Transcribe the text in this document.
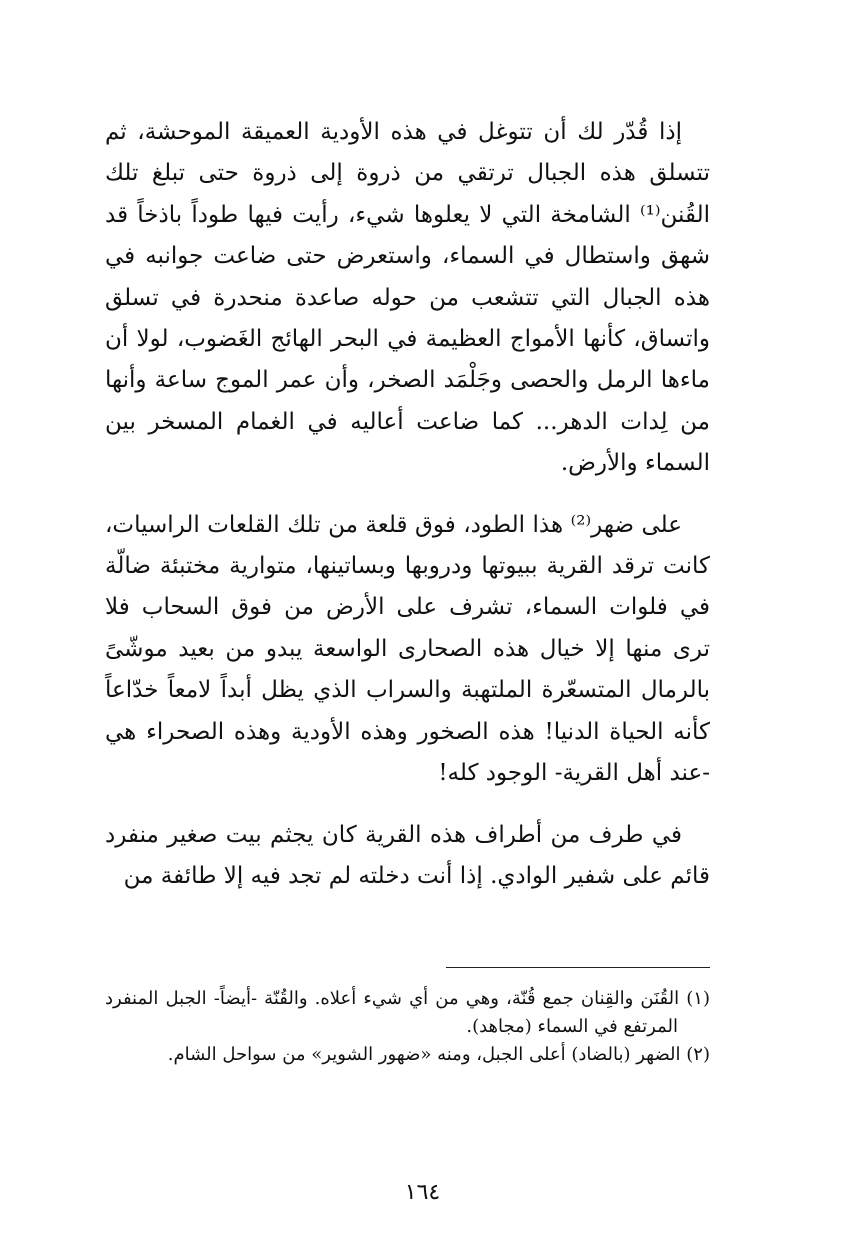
إذا قُدّر لك أن تتوغل في هذه الأودية العميقة الموحشة، ثم تتسلق هذه الجبال ترتقي من ذروة إلى ذروة حتى تبلغ تلك القُنن⁽¹⁾ الشامخة التي لا يعلوها شيء، رأيت فيها طوداً باذخاً قد شهق واستطال في السماء، واستعرض حتى ضاعت جوانبه في هذه الجبال التي تتشعب من حوله صاعدة منحدرة في تسلق واتساق، كأنها الأمواج العظيمة في البحر الهائج الغَضوب، لولا أن ماءها الرمل والحصى وجَلْمَد الصخر، وأن عمر الموج ساعة وأنها من لِدات الدهر... كما ضاعت أعاليه في الغمام المسخر بين السماء والأرض.

على ضهر⁽²⁾ هذا الطود، فوق قلعة من تلك القلعات الراسيات، كانت ترقد القرية ببيوتها ودروبها وبساتينها، متوارية مختبئة ضالّة في فلوات السماء، تشرف على الأرض من فوق السحاب فلا ترى منها إلا خيال هذه الصحارى الواسعة يبدو من بعيد موشّىً بالرمال المتسعّرة الملتهبة والسراب الذي يظل أبداً لامعاً خدّاعاً كأنه الحياة الدنيا! هذه الصخور وهذه الأودية وهذه الصحراء هي -عند أهل القرية- الوجود كله!

في طرف من أطراف هذه القرية كان يجثم بيت صغير منفرد قائم على شفير الوادي. إذا أنت دخلته لم تجد فيه إلا طائفة من

(١) القُنَن والقِنان جمع قُنّة، وهي من أي شيء أعلاه. والقُنّة -أيضاً- الجبل المنفرد المرتفع في السماء (مجاهد).

(٢) الضهر (بالضاد) أعلى الجبل، ومنه «ضهور الشوير» من سواحل الشام.

١٦٤
